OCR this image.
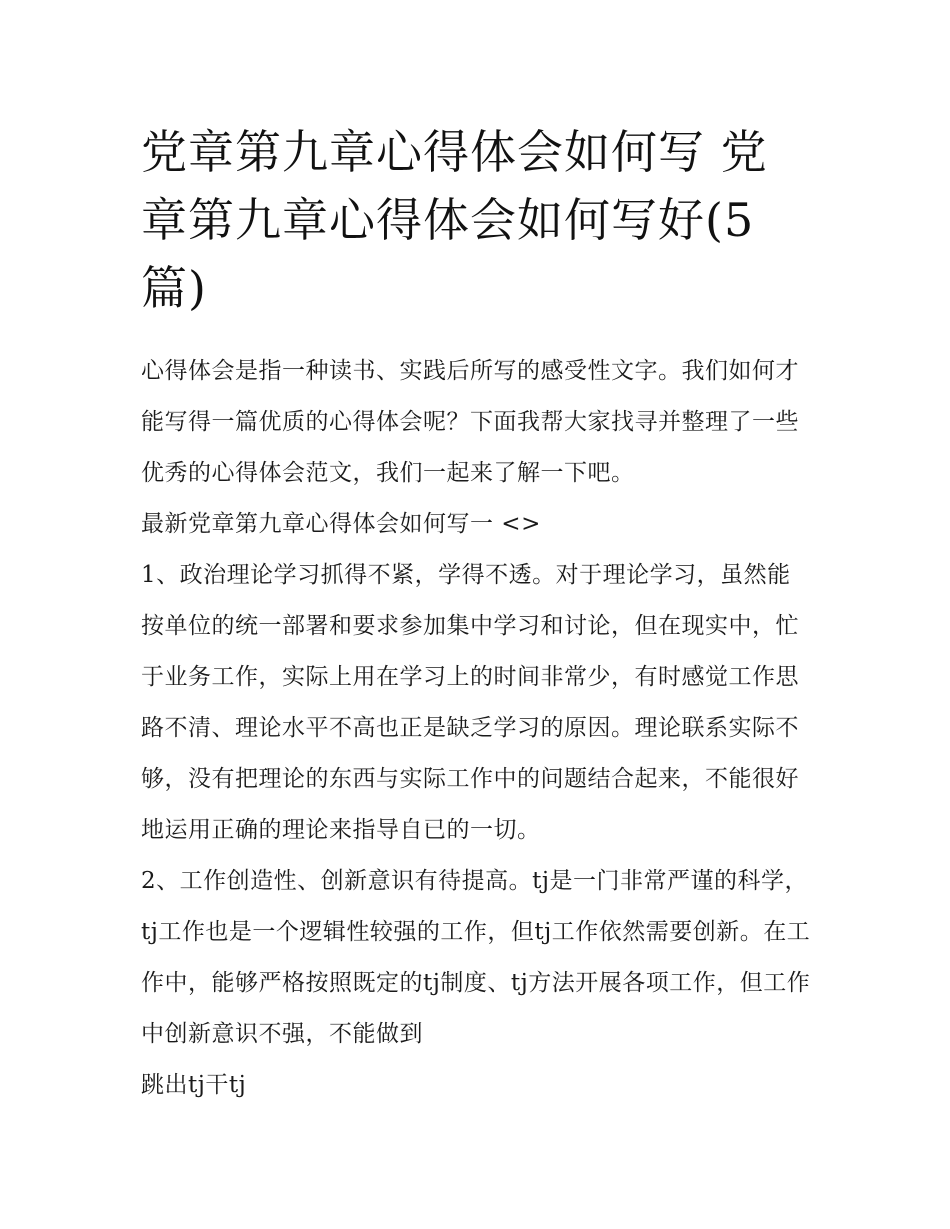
党章第九章心得体会如何写 党章第九章心得体会如何写好(5篇)

心得体会是指一种读书、实践后所写的感受性文字。我们如何才能写得一篇优质的心得体会呢？下面我帮大家找寻并整理了一些优秀的心得体会范文，我们一起来了解一下吧。

最新党章第九章心得体会如何写一 <>

1、政治理论学习抓得不紧，学得不透。对于理论学习，虽然能按单位的统一部署和要求参加集中学习和讨论，但在现实中，忙于业务工作，实际上用在学习上的时间非常少，有时感觉工作思路不清、理论水平不高也正是缺乏学习的原因。理论联系实际不够，没有把理论的东西与实际工作中的问题结合起来，不能很好地运用正确的理论来指导自已的一切。

2、工作创造性、创新意识有待提高。tj是一门非常严谨的科学，tj工作也是一个逻辑性较强的工作，但tj工作依然需要创新。在工作中，能够严格按照既定的tj制度、tj方法开展各项工作，但工作中创新意识不强，不能做到

跳出tj干tj
